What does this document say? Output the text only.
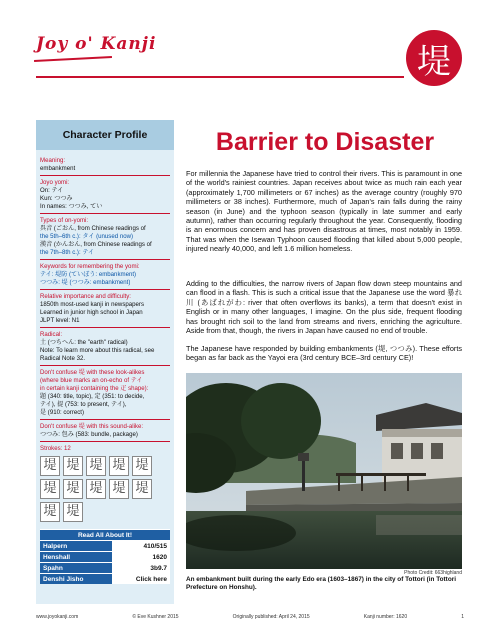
Joy o' Kanji	堤
Character Profile
Meaning:
embankment
Joyo yomi:
On: テイ
Kun: つつみ
In names: つつみ, てい
Types of on-yomi:
呉音 (ごおん, from Chinese readings of
the 5th–6th c.): タイ (unused now)
漢音 (かんおん, from Chinese readings of
the 7th–8th c.): テイ
Keywords for remembering the yomi:
テイ: 堤防 (ていぼう: embankment)
つつみ: 堤 (つつみ: embankment)
Relative importance and difficulty:
1850th most-used kanji in newspapers
Learned in junior high school in Japan
JLPT level: N1
Radical:
土 (つちへん: the "earth" radical)
Note: To learn more about this radical, see
Radical Note 32.
Don't confuse 堤 with these look-alikes
(where blue marks an on-echo of テイ
in certain kanji containing the 疋 shape):
題 (340: title, topic), 定 (351: to decide,
テイ), 提 (753: to present, テイ),
是 (910: correct)
Don't confuse 堤 with this sound-alike:
つつみ: 包み (583: bundle, package)
Strokes: 12
堤 堤 堤 堤 堤
堤 堤 堤 堤 堤
堤 堤
Read All About It!	
Halpern	410/515
Henshall	1620
Spahn	3b9.7
Denshi Jisho	Click here
Barrier to Disaster
For millennia the Japanese have tried to control their rivers. This is paramount in one of the world's rainiest countries. Japan receives about twice as much rain each year (approximately 1,700 millimeters or 67 inches) as the average country (roughly 970 millimeters or 38 inches). Furthermore, much of Japan's rain falls during the rainy season (in June) and the typhoon season (typically in late summer and early autumn), rather than occurring regularly throughout the year. Consequently, flooding is an enormous concern and has proven disastrous at times, most notably in 1959. That was when the Isewan Typhoon caused flooding that killed about 5,000 people, injured nearly 40,000, and left 1.6 million homeless.
Adding to the difficulties, the narrow rivers of Japan flow down steep mountains and can flood in a flash. This is such a critical issue that the Japanese use the word 暴れ川 (あばれがわ: river that often overflows its banks), a term that doesn't exist in English or in many other languages, I imagine. On the plus side, frequent flooding has brought rich soil to the land from streams and rivers, enriching the agriculture. Aside from that, though, the rivers in Japan have caused no end of trouble.
The Japanese have responded by building embankments (堤, つつみ). These efforts began as far back as the Yayoi era (3rd century BCE–3rd century CE)!
Photo Credit: 663highland
An embankment built during the early Edo era (1603–1867) in the city of Tottori (in Tottori Prefecture on Honshu).
www.joyokanji.com	© Eve Kushner 2015	Originally published: April 24, 2015	Kanji number: 1620	1
